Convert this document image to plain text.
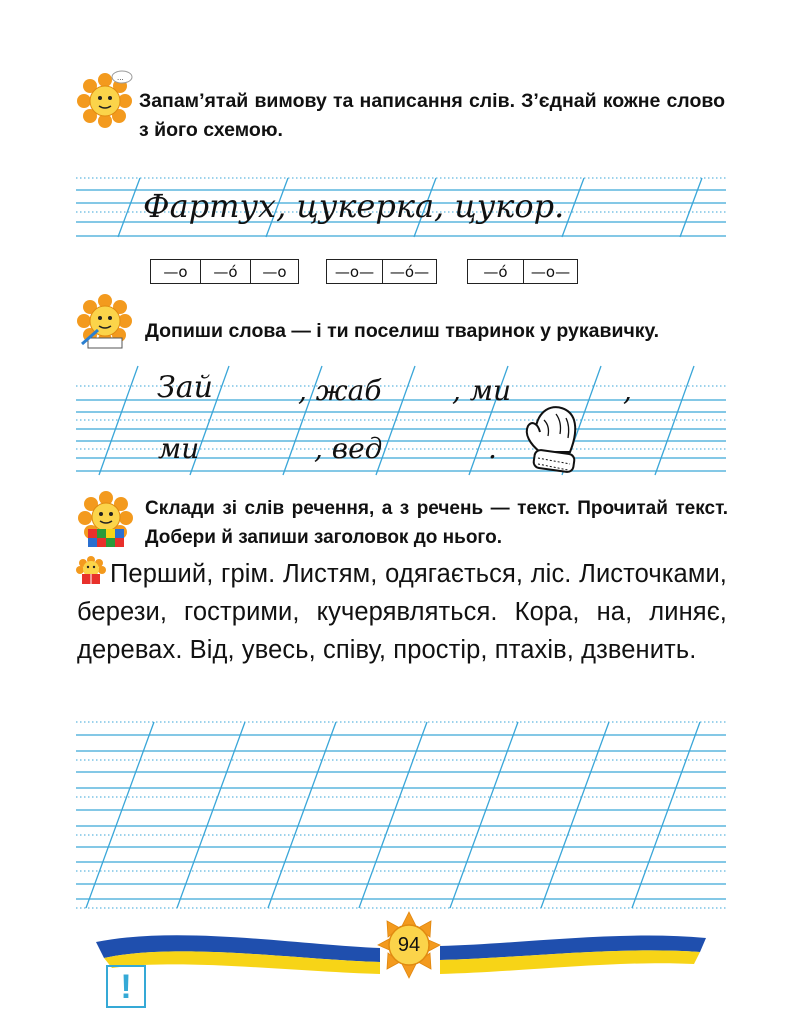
...
Запам’ятай вимову та написання слів. З’єднай кожне слово з його схемою.
Фартух, цукерка, цукор.
—о	—о́	—о	—о—	—о́—	—о́	—о—
Допиши слова — і ти поселиш тваринок у рукавичку.
Зай	, жаб	, ми	,
ми	, вед	.
Склади зі слів речення, а з речень — текст. Прочитай текст. Добери й запиши заголовок до нього.
Перший, грім. Листям, одягається, ліс. Листочками, берези, гострими, кучерявляться. Кора, на, линяє, деревах. Від, увесь, співу, простір, птахів, дзвенить.
94
!
